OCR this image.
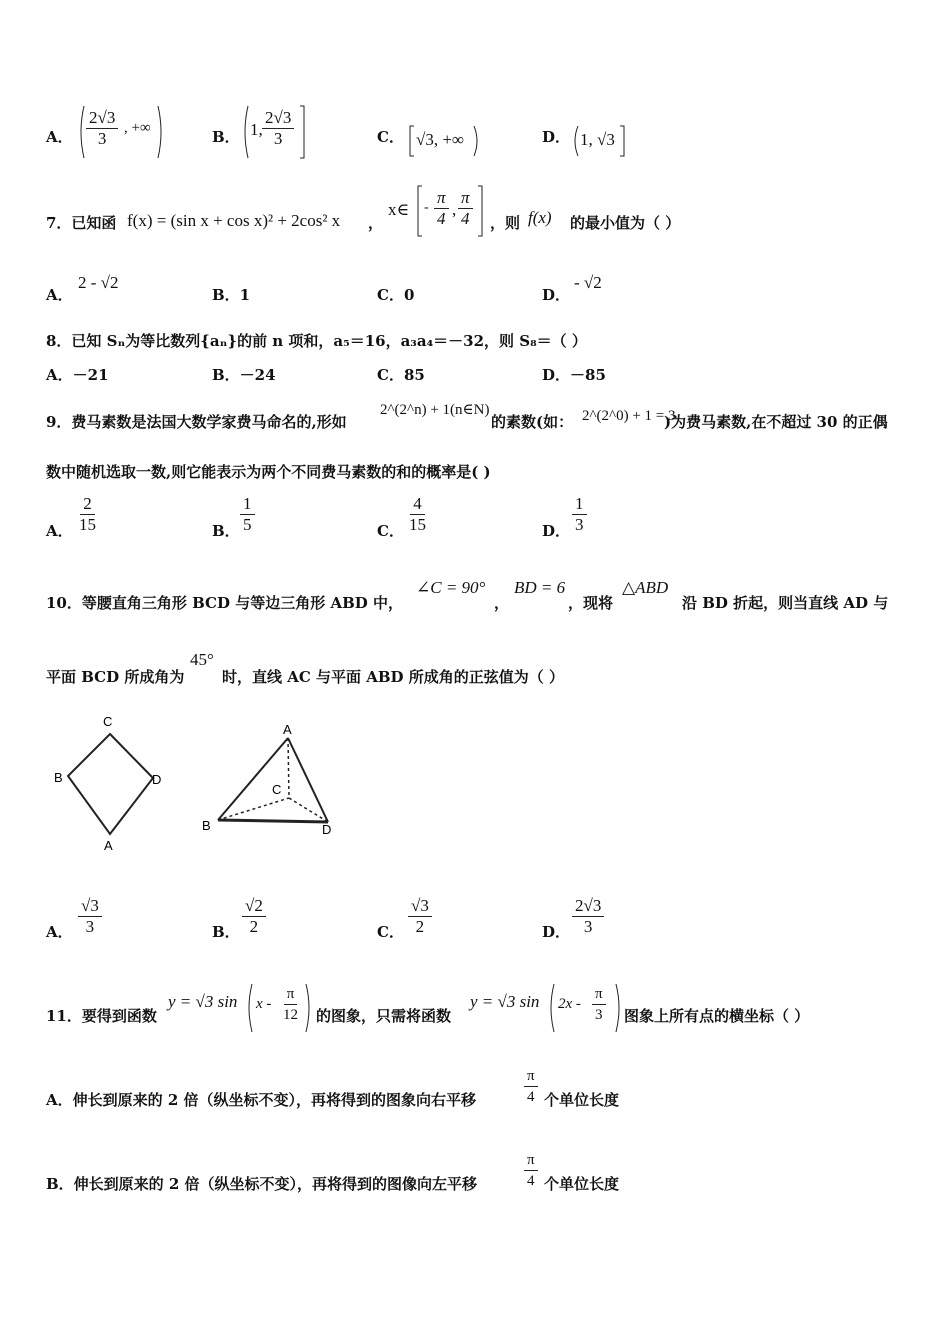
A． $\frac{2√3}{3}$ , +∞	B． 1, $\frac{2√3}{3}$	C． √3, +∞	D． 1, √3
7．已知函 f(x) = (sin x + cos x)² + 2cos² x ，
x∈ - $\frac{\pi}{4}$ , $\frac{\pi}{4}$ ，则 f(x) 的最小值为（ ）
A．
2 - √2
B．1	C．0	D．
- √2
8．已知 Sₙ为等比数列{aₙ}的前 n 项和，a₅＝16，a₃a₄＝－32，则 S₈＝（ ）
A．－21	B．－24	C．85	D．－85
9．费马素数是法国大数学家费马命名的,形如
2^(2^n) + 1(n∈N)
的素数(如： 2^(2^0) + 1 = 3
)为费马素数,在不超过 30 的正偶
数中随机选取一数,则它能表示为两个不同费马素数的和的概率是( )
A． $\frac{2}{15}$	B． $\frac{1}{5}$	C． $\frac{4}{15}$	D． $\frac{1}{3}$
10．等腰直角三角形 BCD 与等边三角形 ABD 中，
∠C = 90°
，
BD = 6
，现将
△ABD
沿 BD 折起，则当直线 AD 与
平面 BCD 所成角为
45°
时，直线 AC 与平面 ABD 所成角的正弦值为（ ）
C
B	D
A
A
C
B	D
A． $\frac{√3}{3}$	B． $\frac{√2}{2}$	C． $\frac{√3}{2}$	D． $\frac{2√3}{3}$
11．要得到函数
y = √3 sin x - $\frac{\pi}{12}$ 的图象，只需将函数
y = √3 $\sin 2x - \frac{\pi}{3}$ 图象上所有点的横坐标（ ）
A．伸长到原来的 2 倍（纵坐标不变），再将得到的图象向右平移	$\frac{\pi}{4}$ 个单位长度
B．伸长到原来的 2 倍（纵坐标不变），再将得到的图像向左平移	$\frac{\pi}{4}$ 个单位长度
